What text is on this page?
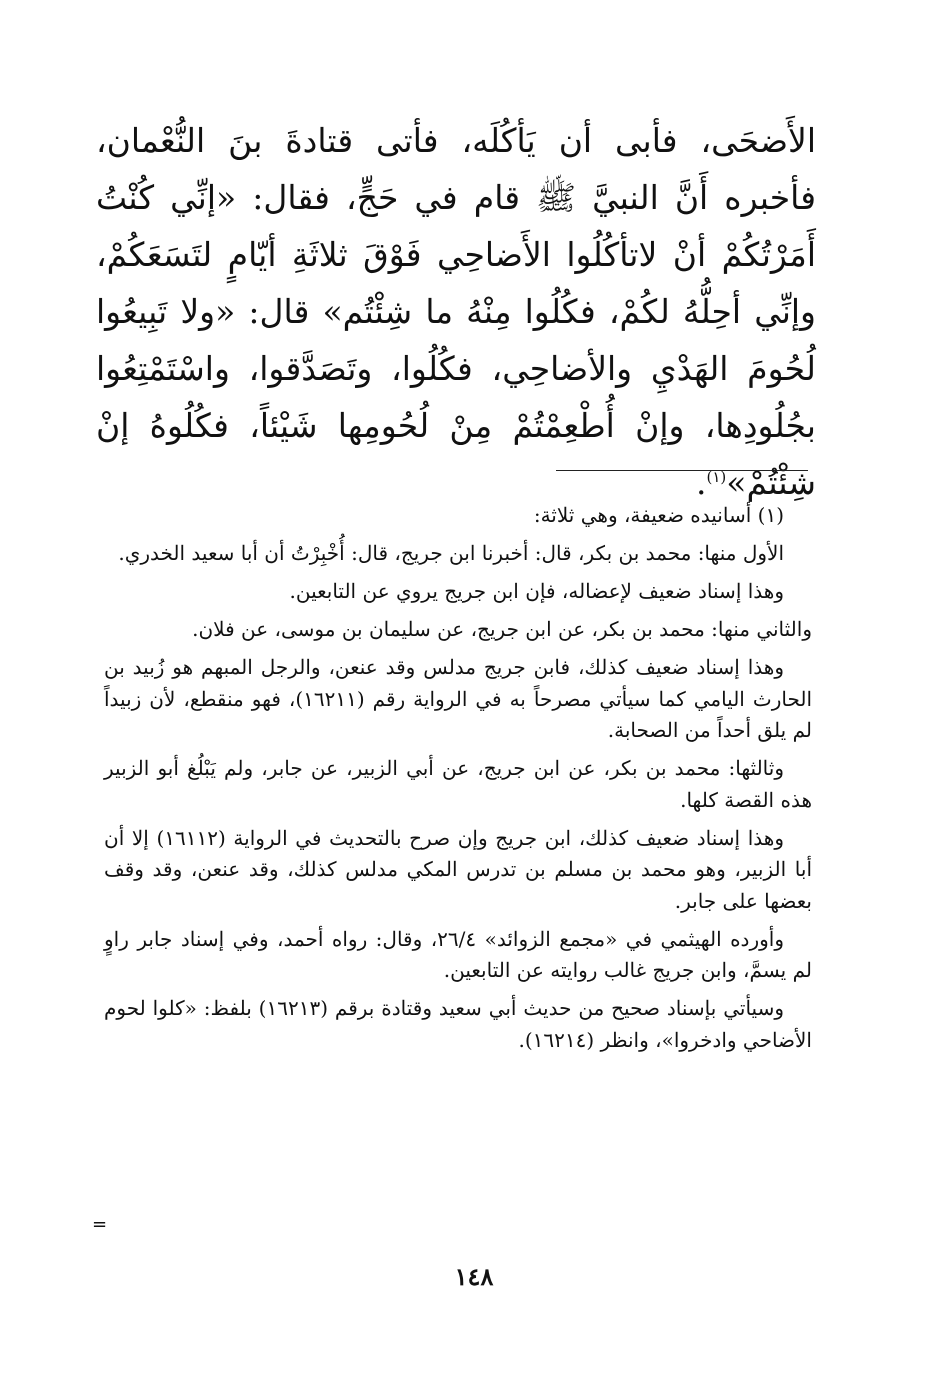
الأَضحَى، فأبى أن يَأكُلَه، فأتى قتادةَ بنَ النُّعْمان، فأخبره أَنَّ النبيَّ ﷺ قام في حَجٍّ، فقال: «إنِّي كُنْتُ أَمَرْتُكُمْ أنْ لاتأكُلُوا الأَضاحِي فَوْقَ ثلاثَةِ أيّامٍ لتَسَعَكُمْ، وإنِّي أحِلُّهُ لكُمْ، فكُلُوا مِنْهُ ما شِئْتُم» قال: «ولا تَبِيعُوا لُحُومَ الهَدْيِ والأضاحِي، فكُلُوا، وتَصَدَّقوا، واسْتَمْتِعُوا بجُلُودِها، وإنْ أُطْعِمْتُمْ مِنْ لُحُومِها شَيْئاً، فكُلُوهُ إنْ شِئْتُمْ»$^{(١)}$.

(١) أسانيده ضعيفة، وهي ثلاثة:

الأول منها: محمد بن بكر، قال: أخبرنا ابن جريج، قال: أُخْبِرْتُ أن أبا سعيد الخدري.

وهذا إسناد ضعيف لإعضاله، فإن ابن جريج يروي عن التابعين.

والثاني منها: محمد بن بكر، عن ابن جريج، عن سليمان بن موسى، عن فلان.

وهذا إسناد ضعيف كذلك، فابن جريج مدلس وقد عنعن، والرجل المبهم هو زُبيد بن الحارث اليامي كما سيأتي مصرحاً به في الرواية رقم (١٦٢١١)، فهو منقطع، لأن زبيداً لم يلق أحداً من الصحابة.

وثالثها: محمد بن بكر، عن ابن جريج، عن أبي الزبير، عن جابر، ولم يَبْلُغ أبو الزبير هذه القصة كلها.

وهذا إسناد ضعيف كذلك، ابن جريج وإن صرح بالتحديث في الرواية (١٦١١٢) إلا أن أبا الزبير، وهو محمد بن مسلم بن تدرس المكي مدلس كذلك، وقد عنعن، وقد وقف بعضها على جابر.

وأورده الهيثمي في «مجمع الزوائد» ٢٦/٤، وقال: رواه أحمد، وفي إسناد جابر راوٍ لم يسمَّ، وابن جريج غالب روايته عن التابعين.

وسيأتي بإسناد صحيح من حديث أبي سعيد وقتادة برقم (١٦٢١٣) بلفظ: «كلوا لحوم الأضاحي وادخروا»، وانظر (١٦٢١٤).

=
١٤٨
